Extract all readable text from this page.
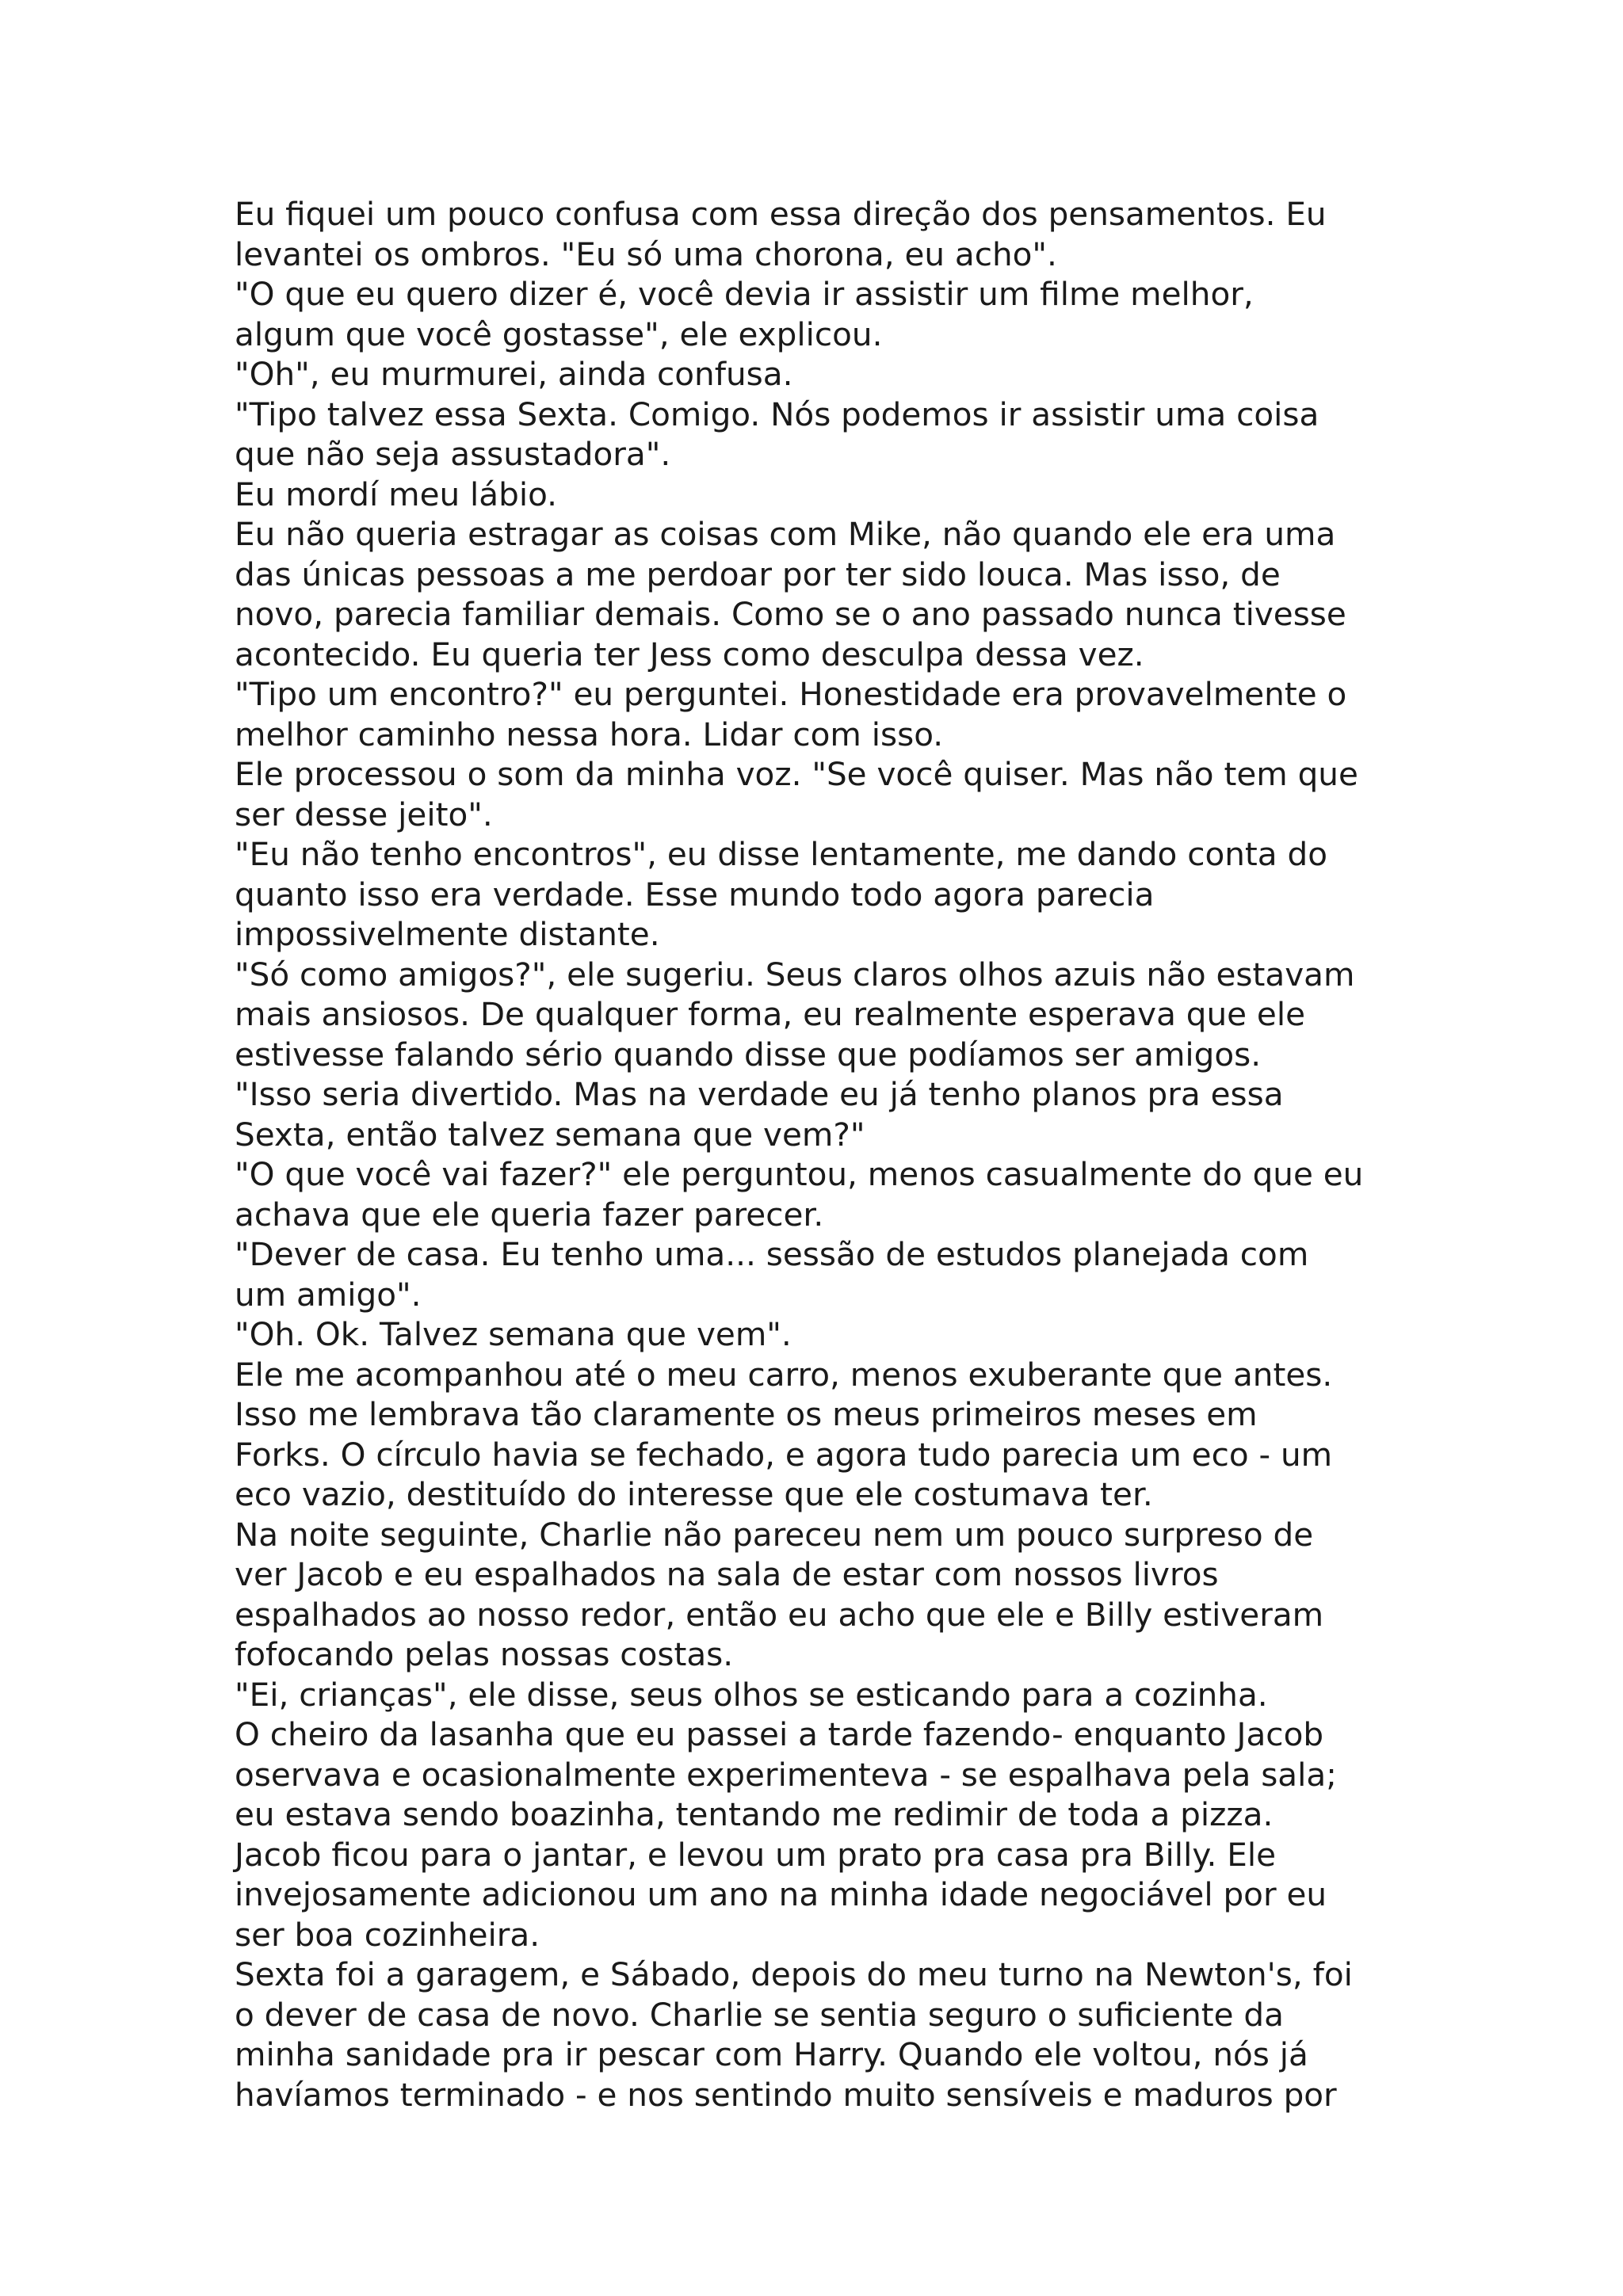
Eu fiquei um pouco confusa com essa direção dos pensamentos. Eu
levantei os ombros. "Eu só uma chorona, eu acho".
"O que eu quero dizer é, você devia ir assistir um filme melhor,
algum que você gostasse", ele explicou.
"Oh", eu murmurei, ainda confusa.
"Tipo talvez essa Sexta. Comigo. Nós podemos ir assistir uma coisa
que não seja assustadora".
Eu mordí meu lábio.
Eu não queria estragar as coisas com Mike, não quando ele era uma
das únicas pessoas a me perdoar por ter sido louca. Mas isso, de
novo, parecia familiar demais. Como se o ano passado nunca tivesse
acontecido. Eu queria ter Jess como desculpa dessa vez.
"Tipo um encontro?" eu perguntei. Honestidade era provavelmente o
melhor caminho nessa hora. Lidar com isso.
Ele processou o som da minha voz. "Se você quiser. Mas não tem que
ser desse jeito".
"Eu não tenho encontros", eu disse lentamente, me dando conta do
quanto isso era verdade. Esse mundo todo agora parecia
impossivelmente distante.
"Só como amigos?", ele sugeriu. Seus claros olhos azuis não estavam
mais ansiosos. De qualquer forma, eu realmente esperava que ele
estivesse falando sério quando disse que podíamos ser amigos.
"Isso seria divertido. Mas na verdade eu já tenho planos pra essa
Sexta, então talvez semana que vem?"
"O que você vai fazer?" ele perguntou, menos casualmente do que eu
achava que ele queria fazer parecer.
"Dever de casa. Eu tenho uma... sessão de estudos planejada com
um amigo".
"Oh. Ok. Talvez semana que vem".
Ele me acompanhou até o meu carro, menos exuberante que antes.
Isso me lembrava tão claramente os meus primeiros meses em
Forks. O círculo havia se fechado, e agora tudo parecia um eco - um
eco vazio, destituído do interesse que ele costumava ter.
Na noite seguinte, Charlie não pareceu nem um pouco surpreso de
ver Jacob e eu espalhados na sala de estar com nossos livros
espalhados ao nosso redor, então eu acho que ele e Billy estiveram
fofocando pelas nossas costas.
"Ei, crianças", ele disse, seus olhos se esticando para a cozinha.
O cheiro da lasanha que eu passei a tarde fazendo- enquanto Jacob
oservava e ocasionalmente experimenteva - se espalhava pela sala;
eu estava sendo boazinha, tentando me redimir de toda a pizza.
Jacob ficou para o jantar, e levou um prato pra casa pra Billy. Ele
invejosamente adicionou um ano na minha idade negociável por eu
ser boa cozinheira.
Sexta foi a garagem, e Sábado, depois do meu turno na Newton's, foi
o dever de casa de novo. Charlie se sentia seguro o suficiente da
minha sanidade pra ir pescar com Harry. Quando ele voltou, nós já
havíamos terminado - e nos sentindo muito sensíveis e maduros por
